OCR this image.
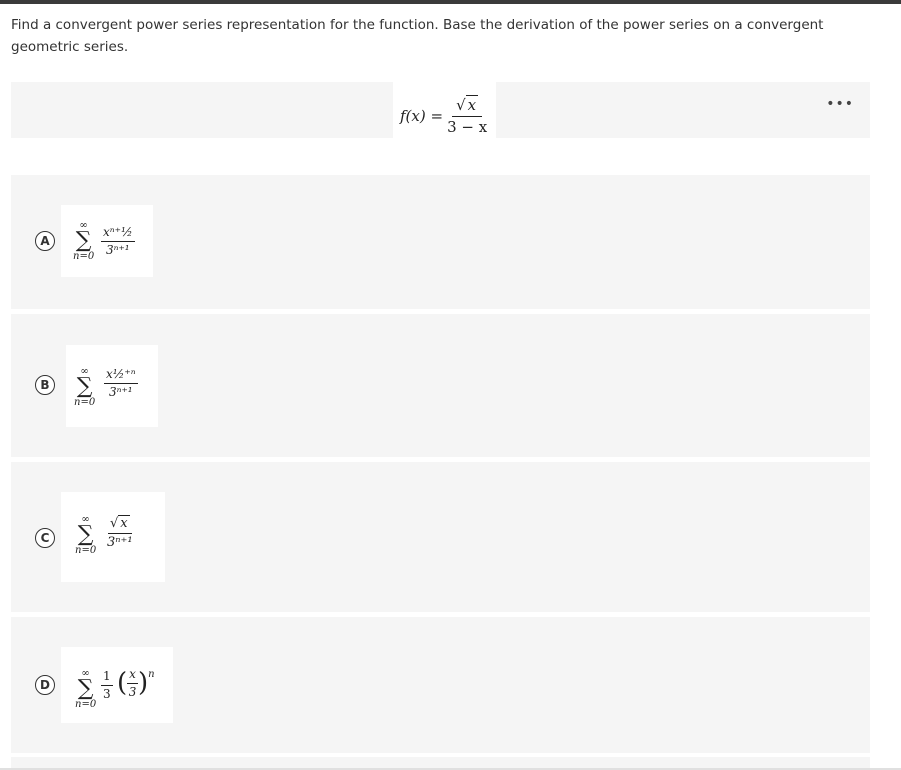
Find a convergent power series representation for the function. Base the derivation of the power series on a convergent geometric series.
$f(x) = \frac{√ x}{3 - x}$	•••
A
∞
∑
$n=0 \frac{\text{xⁿ⁺½}}{\text{3ⁿ⁺¹}}$
B
∞
∑
n=0
$\frac{\text{x½⁺ⁿ}}{\text{3ⁿ⁺¹}}$
C
∞
∑
n=0
$\frac{√ x}{\text{3ⁿ⁺¹}}$
D
∞
∑
n=0
$\frac{1}{3}$ ( $\frac{x}{3}$ ) n
